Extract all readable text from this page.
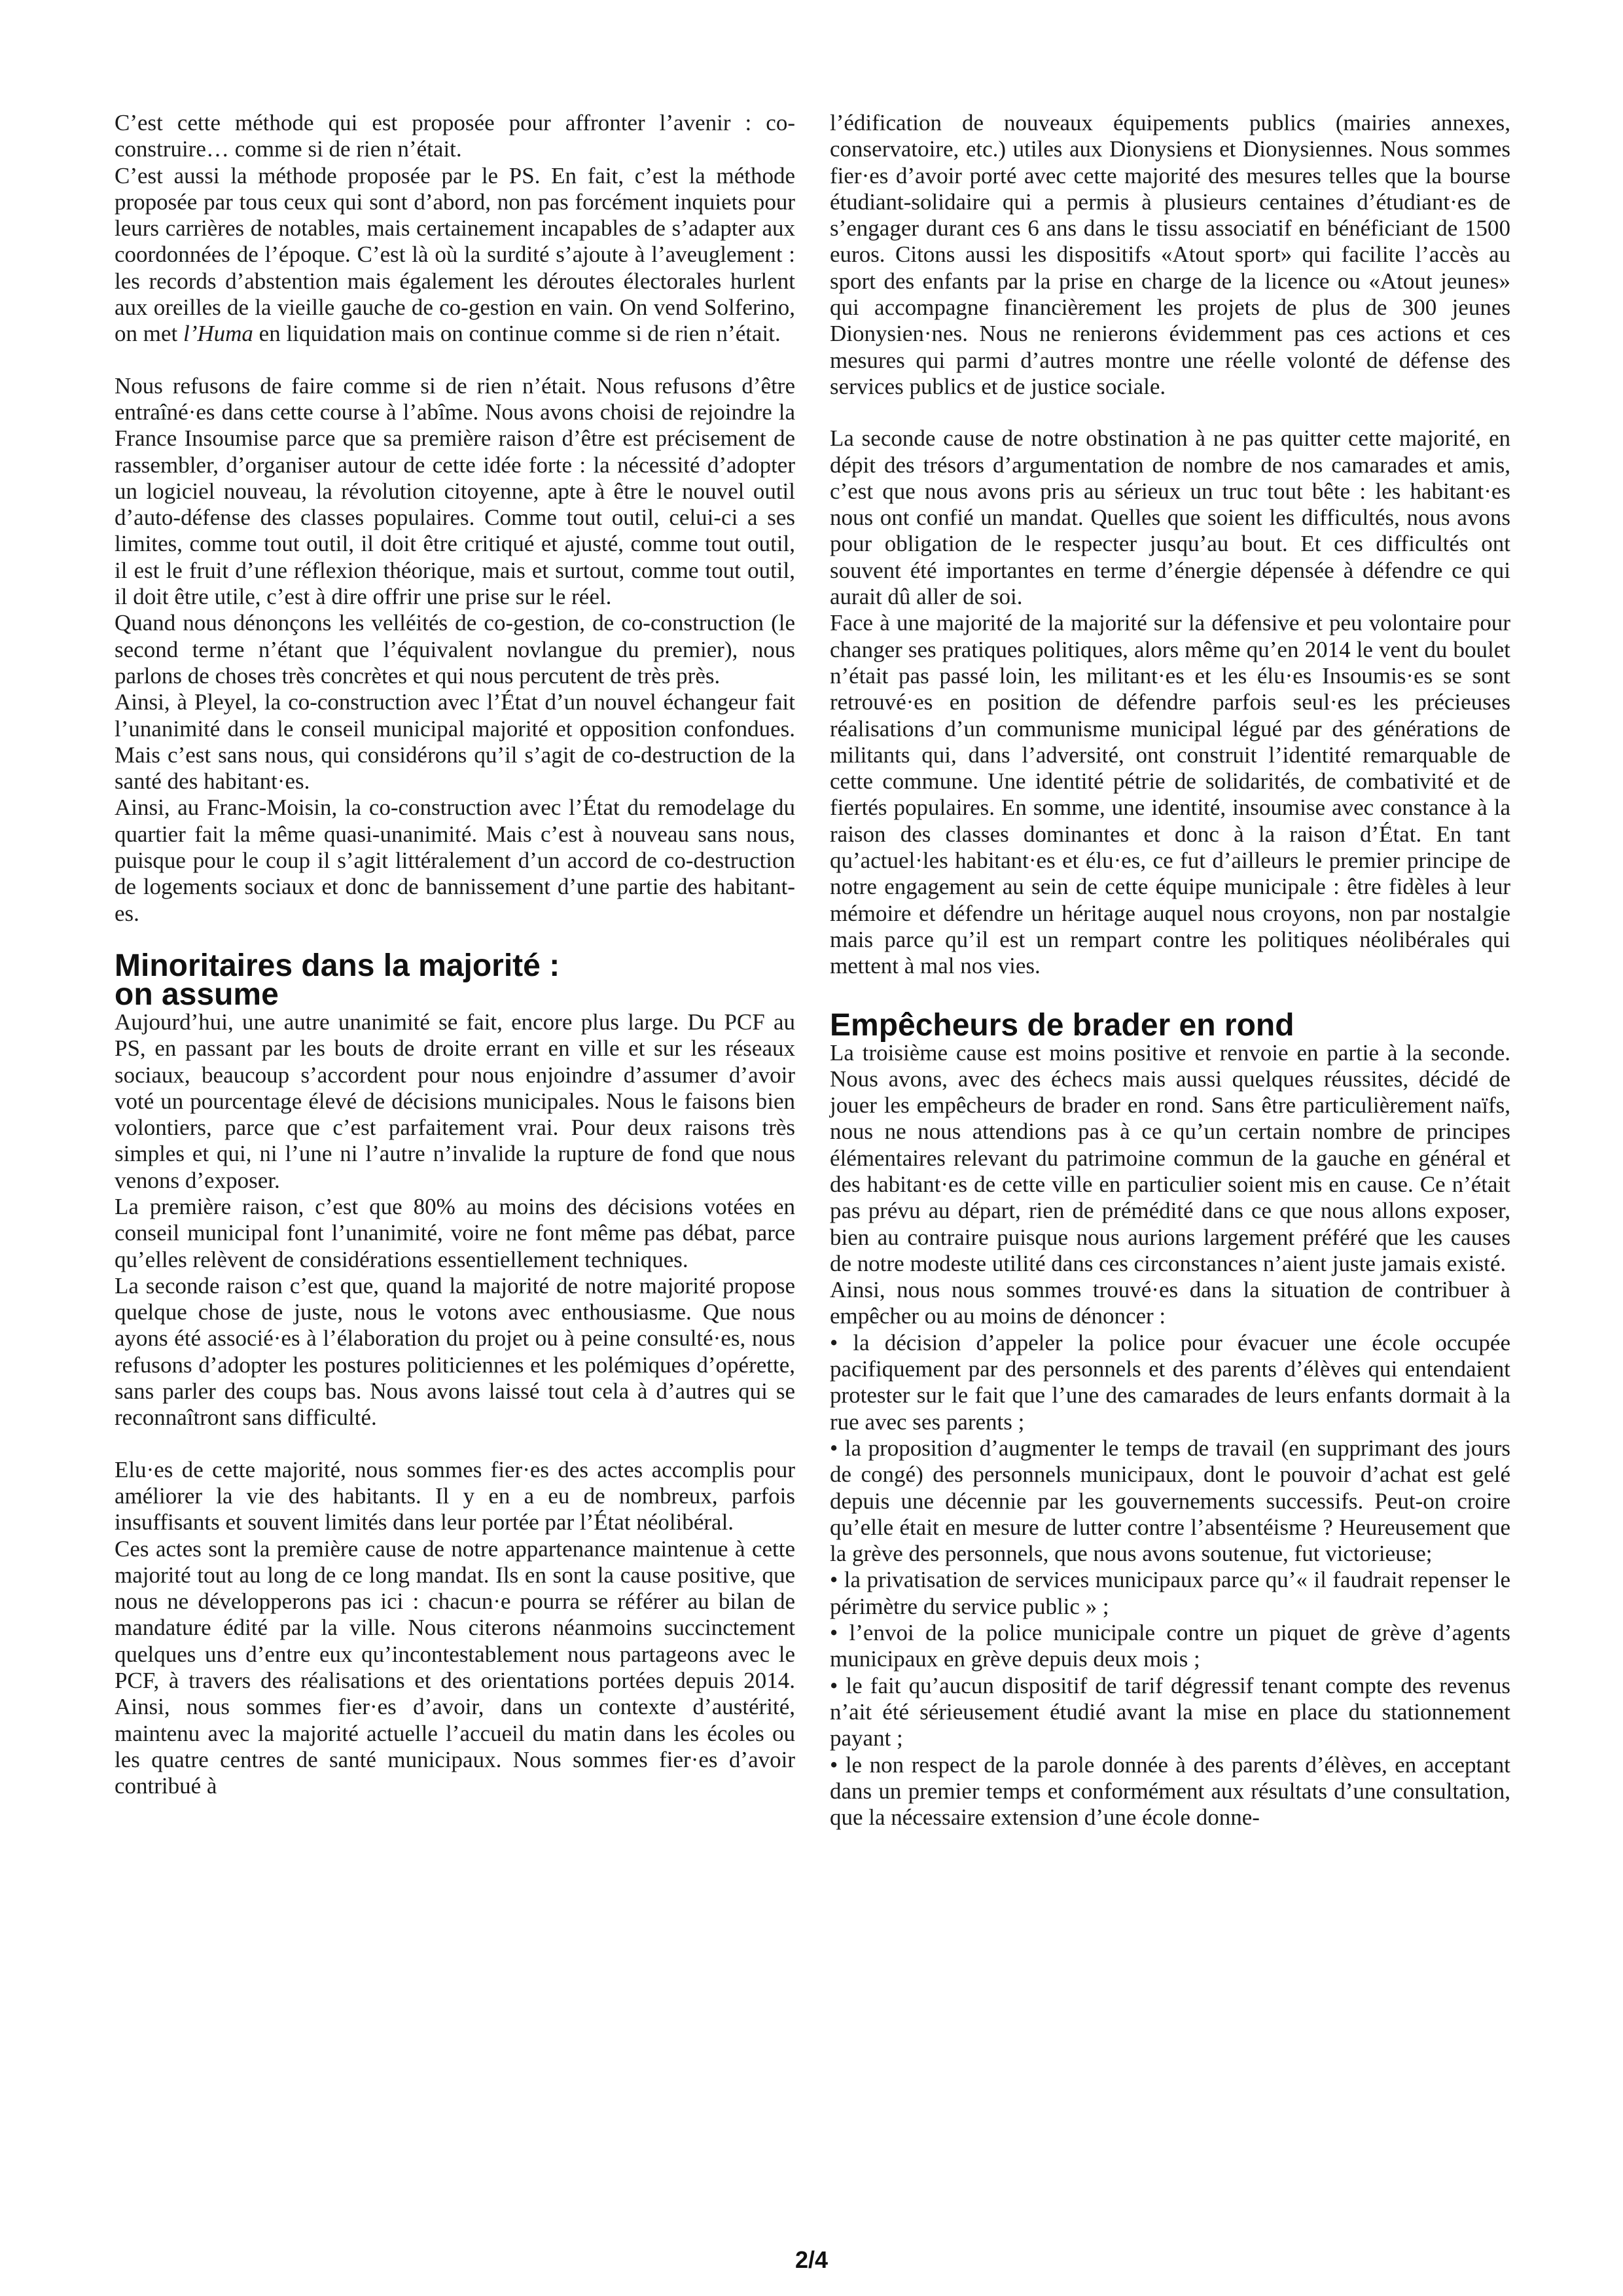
C’est cette méthode qui est proposée pour affronter l’avenir : co-construire… comme si de rien n’était.

C’est aussi la méthode proposée par le PS. En fait, c’est la méthode proposée par tous ceux qui sont d’abord, non pas forcément inquiets pour leurs carrières de notables, mais certainement incapables de s’adapter aux coordonnées de l’époque. C’est là où la surdité s’ajoute à l’aveuglement : les records d’abstention mais également les déroutes électorales hurlent aux oreilles de la vieille gauche de co-gestion en vain. On vend Solferino, on met l’Huma en liquidation mais on continue comme si de rien n’était.

Nous refusons de faire comme si de rien n’était. Nous refusons d’être entraîné·es dans cette course à l’abîme. Nous avons choisi de rejoindre la France Insoumise parce que sa première raison d’être est précisement de rassembler, d’organiser autour de cette idée forte : la nécessité d’adopter un logiciel nouveau, la révolution citoyenne, apte à être le nouvel outil d’auto-défense des classes populaires. Comme tout outil, celui-ci a ses limites, comme tout outil, il doit être critiqué et ajusté, comme tout outil, il est le fruit d’une réflexion théorique, mais et surtout, comme tout outil, il doit être utile, c’est à dire offrir une prise sur le réel.

Quand nous dénonçons les velléités de co-gestion, de co-construction (le second terme n’étant que l’équivalent novlangue du premier), nous parlons de choses très concrètes et qui nous percutent de très près.

Ainsi, à Pleyel, la co-construction avec l’État d’un nouvel échangeur fait l’unanimité dans le conseil municipal majorité et opposition confondues. Mais c’est sans nous, qui considérons qu’il s’agit de co-destruction de la santé des habitant·es.

Ainsi, au Franc-Moisin, la co-construction avec l’État du remodelage du quartier fait la même quasi-unanimité. Mais c’est à nouveau sans nous, puisque pour le coup il s’agit littéralement d’un accord de co-destruction de logements sociaux et donc de bannissement d’une partie des habitant-es.

Minoritaires dans la majorité :
on assume

Aujourd’hui, une autre unanimité se fait, encore plus large. Du PCF au PS, en passant par les bouts de droite errant en ville et sur les réseaux sociaux, beaucoup s’accordent pour nous enjoindre d’assumer d’avoir voté un pourcentage élevé de décisions municipales. Nous le faisons bien volontiers, parce que c’est parfaitement vrai. Pour deux raisons très simples et qui, ni l’une ni l’autre n’invalide la rupture de fond que nous venons d’exposer.

La première raison, c’est que 80% au moins des décisions votées en conseil municipal font l’unanimité, voire ne font même pas débat, parce qu’elles relèvent de considérations essentiellement techniques.

La seconde raison c’est que, quand la majorité de notre majorité propose quelque chose de juste, nous le votons avec enthousiasme. Que nous ayons été associé·es à l’élaboration du projet ou à peine consulté·es, nous refusons d’adopter les postures politiciennes et les polémiques d’opérette, sans parler des coups bas. Nous avons laissé tout cela à d’autres qui se reconnaîtront sans difficulté.

Elu·es de cette majorité, nous sommes fier·es des actes accomplis pour améliorer la vie des habitants. Il y en a eu de nombreux, parfois insuffisants et souvent limités dans leur portée par l’État néolibéral.

Ces actes sont la première cause de notre appartenance maintenue à cette majorité tout au long de ce long mandat. Ils en sont la cause positive, que nous ne développerons pas ici : chacun·e pourra se référer au bilan de mandature édité par la ville. Nous citerons néanmoins succinctement quelques uns d’entre eux qu’incontestablement nous partageons avec le PCF, à travers des réalisations et des orientations portées depuis 2014. Ainsi, nous sommes fier·es d’avoir, dans un contexte d’austérité, maintenu avec la majorité actuelle l’accueil du matin dans les écoles ou les quatre centres de santé municipaux. Nous sommes fier·es d’avoir contribué à

l’édification de nouveaux équipements publics (mairies annexes, conservatoire, etc.) utiles aux Dionysiens et Dionysiennes. Nous sommes fier·es d’avoir porté avec cette majorité des mesures telles que la bourse étudiant-solidaire qui a permis à plusieurs centaines d’étudiant·es de s’engager durant ces 6 ans dans le tissu associatif en bénéficiant de 1500 euros. Citons aussi les dispositifs «Atout sport» qui facilite l’accès au sport des enfants par la prise en charge de la licence ou «Atout jeunes» qui accompagne financièrement les projets de plus de 300 jeunes Dionysien·nes. Nous ne renierons évidemment pas ces actions et ces mesures qui parmi d’autres montre une réelle volonté de défense des services publics et de justice sociale.

La seconde cause de notre obstination à ne pas quitter cette majorité, en dépit des trésors d’argumentation de nombre de nos camarades et amis, c’est que nous avons pris au sérieux un truc tout bête : les habitant·es nous ont confié un mandat. Quelles que soient les difficultés, nous avons pour obligation de le respecter jusqu’au bout. Et ces difficultés ont souvent été importantes en terme d’énergie dépensée à défendre ce qui aurait dû aller de soi.

Face à une majorité de la majorité sur la défensive et peu volontaire pour changer ses pratiques politiques, alors même qu’en 2014 le vent du boulet n’était pas passé loin, les militant·es et les élu·es Insoumis·es se sont retrouvé·es en position de défendre parfois seul·es les précieuses réalisations d’un communisme municipal légué par des générations de militants qui, dans l’adversité, ont construit l’identité remarquable de cette commune. Une identité pétrie de solidarités, de combativité et de fiertés populaires. En somme, une identité, insoumise avec constance à la raison des classes dominantes et donc à la raison d’État. En tant qu’actuel·les habitant·es et élu·es, ce fut d’ailleurs le premier principe de notre engagement au sein de cette équipe municipale : être fidèles à leur mémoire et défendre un héritage auquel nous croyons, non par nostalgie mais parce qu’il est un rempart contre les politiques néolibérales qui mettent à mal nos vies.

Empêcheurs de brader en rond

La troisième cause est moins positive et renvoie en partie à la seconde. Nous avons, avec des échecs mais aussi quelques réussites, décidé de jouer les empêcheurs de brader en rond. Sans être particulièrement naïfs, nous ne nous attendions pas à ce qu’un certain nombre de principes élémentaires relevant du patrimoine commun de la gauche en général et des habitant·es de cette ville en particulier soient mis en cause. Ce n’était pas prévu au départ, rien de prémédité dans ce que nous allons exposer, bien au contraire puisque nous aurions largement préféré que les causes de notre modeste utilité dans ces circonstances n’aient juste jamais existé.

Ainsi, nous nous sommes trouvé·es dans la situation de contribuer à empêcher ou au moins de dénoncer :

• la décision d’appeler la police pour évacuer une école occupée pacifiquement par des personnels et des parents d’élèves qui entendaient protester sur le fait que l’une des camarades de leurs enfants dormait à la rue avec ses parents ;

• la proposition d’augmenter le temps de travail (en supprimant des jours de congé) des personnels municipaux, dont le pouvoir d’achat est gelé depuis une décennie par les gouvernements successifs. Peut-on croire qu’elle était en mesure de lutter contre l’absentéisme ? Heureusement que la grève des personnels, que nous avons soutenue, fut victorieuse;

• la privatisation de services municipaux parce qu’« il faudrait repenser le périmètre du service public » ;

• l’envoi de la police municipale contre un piquet de grève d’agents municipaux en grève depuis deux mois ;

• le fait qu’aucun dispositif de tarif dégressif tenant compte des revenus n’ait été sérieusement étudié avant la mise en place du stationnement payant ;

• le non respect de la parole donnée à des parents d’élèves, en acceptant dans un premier temps et conformément aux résultats d’une consultation, que la nécessaire extension d’une école donne-

2/4
